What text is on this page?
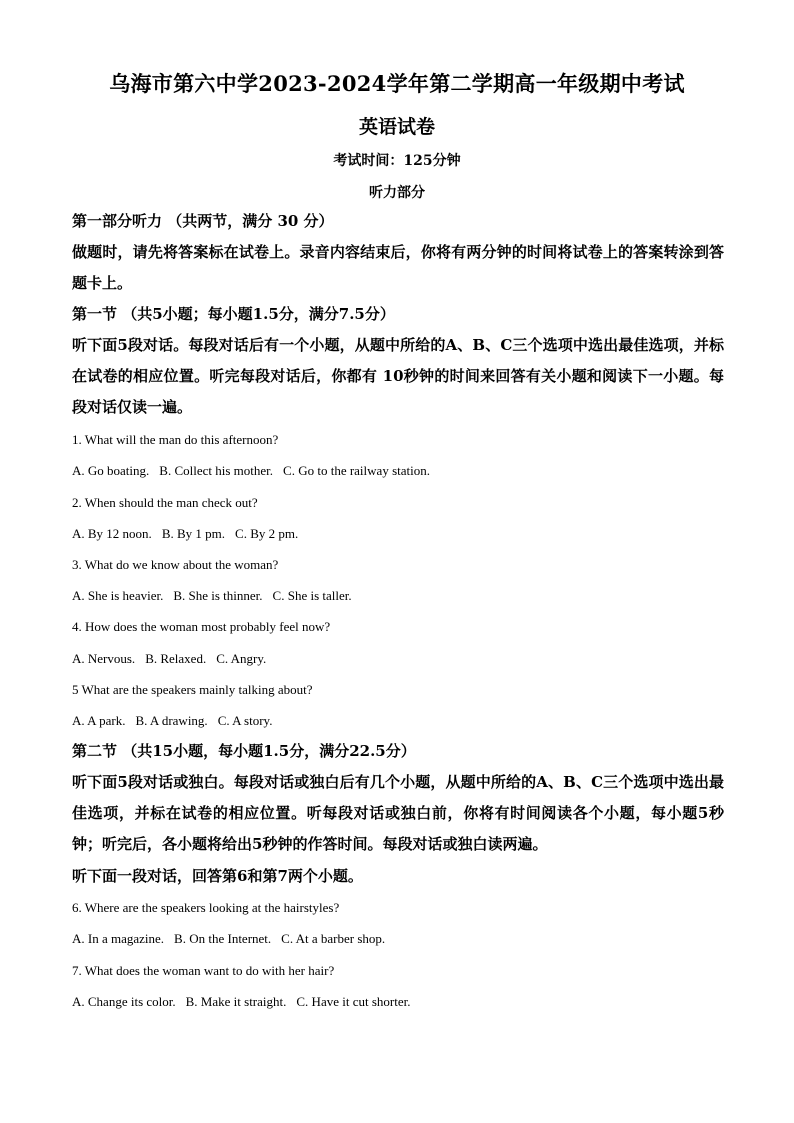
乌海市第六中学2023-2024学年第二学期高一年级期中考试
英语试卷
考试时间：125分钟
听力部分
第一部分听力 （共两节，满分 30 分）
做题时，请先将答案标在试卷上。录音内容结束后，你将有两分钟的时间将试卷上的答案转涂到答题卡上。
第一节 （共5小题；每小题1.5分，满分7.5分）
听下面5段对话。每段对话后有一个小题，从题中所给的A、B、C三个选项中选出最佳选项，并标在试卷的相应位置。听完每段对话后，你都有 10秒钟的时间来回答有关小题和阅读下一小题。每段对话仅读一遍。
1. What will the man do this afternoon?
A. Go boating. B. Collect his mother. C. Go to the railway station.
2. When should the man check out?
A. By 12 noon. B. By 1 pm. C. By 2 pm.
3. What do we know about the woman?
A. She is heavier. B. She is thinner. C. She is taller.
4. How does the woman most probably feel now?
A. Nervous. B. Relaxed. C. Angry.
5 What are the speakers mainly talking about?
A. A park. B. A drawing. C. A story.
第二节 （共15小题，每小题1.5分，满分22.5分）
听下面5段对话或独白。每段对话或独白后有几个小题，从题中所给的A、B、C三个选项中选出最佳选项，并标在试卷的相应位置。听每段对话或独白前，你将有时间阅读各个小题，每小题5秒钟；听完后，各小题将给出5秒钟的作答时间。每段对话或独白读两遍。
听下面一段对话，回答第6和第7两个小题。
6. Where are the speakers looking at the hairstyles?
A. In a magazine. B. On the Internet. C. At a barber shop.
7. What does the woman want to do with her hair?
A. Change its color. B. Make it straight. C. Have it cut shorter.
